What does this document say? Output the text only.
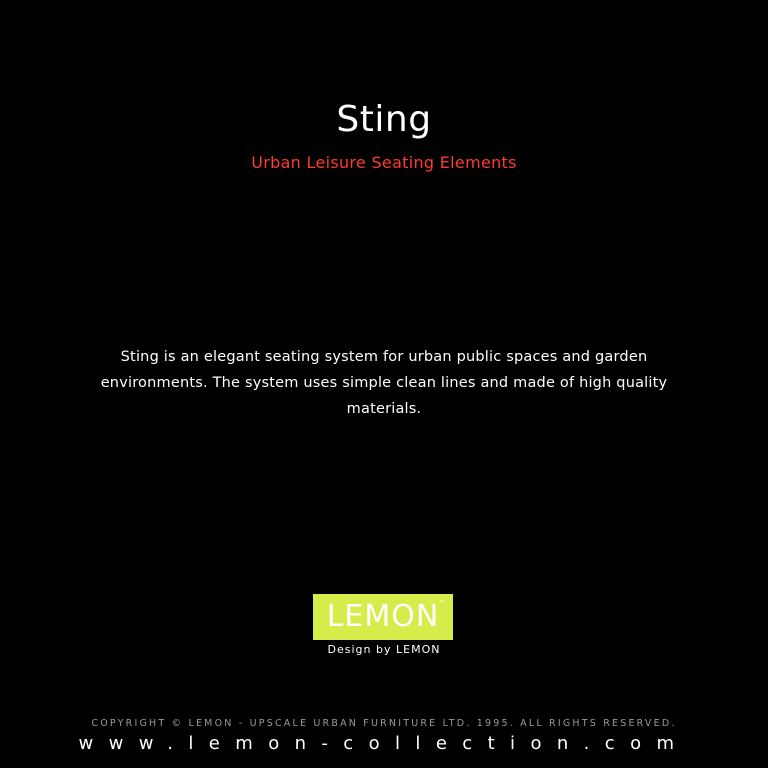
Sting
Urban Leisure Seating Elements
Sting is an elegant seating system for urban public spaces and garden environments. The system uses simple clean lines and made of high quality materials.
LEMON ™
Design by LEMON
COPYRIGHT © LEMON - UPSCALE URBAN FURNITURE LTD. 1995. ALL RIGHTS RESERVED.
www.lemon-collection.com
